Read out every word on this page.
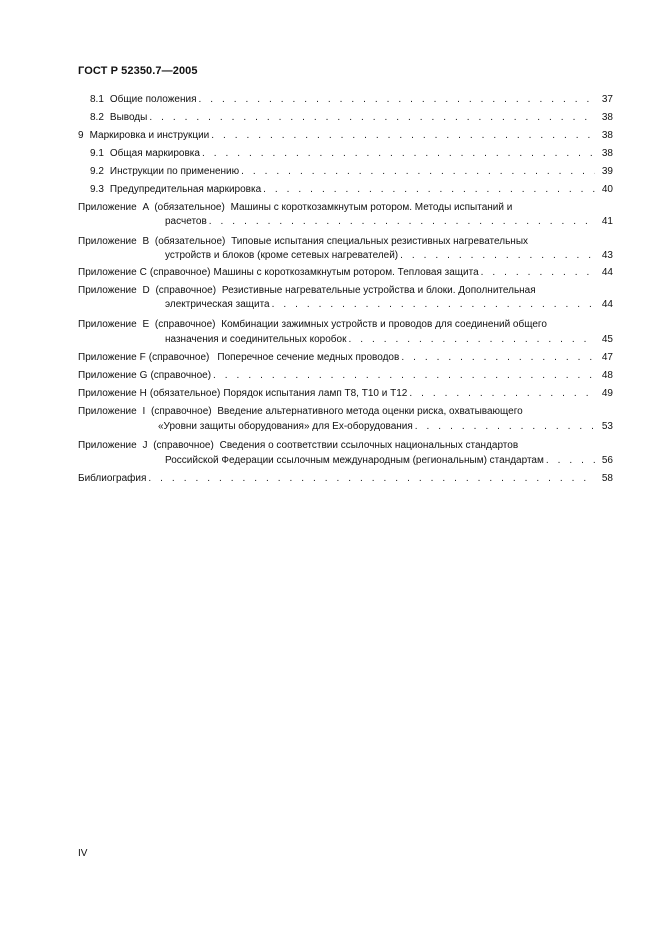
ГОСТ Р 52350.7—2005
8.1 Общие положения . . .	37
8.2 Выводы . . .	38
9 Маркировка и инструкции . . .	38
9.1 Общая маркировка . . .	38
9.2 Инструкции по применению . . .	39
9.3 Предупредительная маркировка . . .	40
Приложение A (обязательное) Машины с короткозамкнутым ротором. Методы испытаний и
расчетов . . .	41
Приложение B (обязательное) Типовые испытания специальных резистивных нагревательных
устройств и блоков (кроме сетевых нагревателей) . . .	43
Приложение C (справочное) Машины с короткозамкнутым ротором. Тепловая защита . . .	44
Приложение D (справочное) Резистивные нагревательные устройства и блоки. Дополнительная
электрическая защита . . .	44
Приложение E (справочное) Комбинации зажимных устройств и проводов для соединений общего
назначения и соединительных коробок . . .	45
Приложение F (справочное) Поперечное сечение медных проводов . . .	47
Приложение G (справочное) . . .	48
Приложение H (обязательное) Порядок испытания ламп Т8, Т10 и Т12 . . .	49
Приложение I (справочное) Введение альтернативного метода оценки риска, охватывающего
«Уровни защиты оборудования» для Ex-оборудования . . .	53
Приложение J (справочное) Сведения о соответствии ссылочных национальных стандартов
Российской Федерации ссылочным международным (региональным) стандартам . . .	56
Библиография . . .	58
IV
